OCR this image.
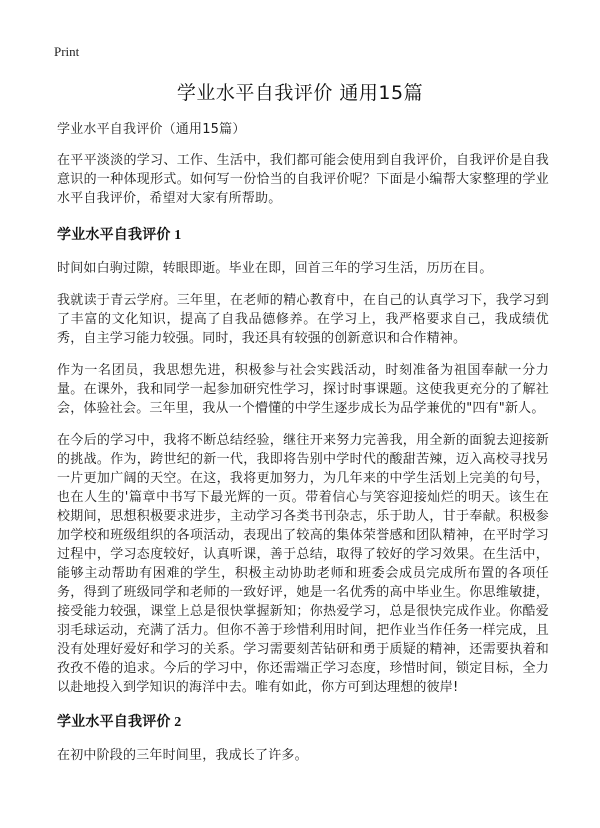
Print
学业水平自我评价 通用15篇
学业水平自我评价（通用15篇）

在平平淡淡的学习、工作、生活中，我们都可能会使用到自我评价，自我评价是自我意识的一种体现形式。如何写一份恰当的自我评价呢？下面是小编帮大家整理的学业水平自我评价，希望对大家有所帮助。

学业水平自我评价 1

时间如白驹过隙，转眼即逝。毕业在即，回首三年的学习生活，历历在目。

我就读于青云学府。三年里，在老师的精心教育中，在自己的认真学习下，我学习到了丰富的文化知识，提高了自我品德修养。在学习上，我严格要求自己，我成绩优秀，自主学习能力较强。同时，我还具有较强的创新意识和合作精神。

作为一名团员，我思想先进，积极参与社会实践活动，时刻准备为祖国奉献一分力量。在课外，我和同学一起参加研究性学习，探讨时事课题。这使我更充分的了解社会，体验社会。三年里，我从一个懵懂的中学生逐步成长为品学兼优的"四有"新人。

在今后的学习中，我将不断总结经验，继往开来努力完善我，用全新的面貌去迎接新的挑战。作为，跨世纪的新一代，我即将告别中学时代的酸甜苦辣，迈入高校寻找另一片更加广阔的天空。在这，我将更加努力，为几年来的中学生活划上完美的句号，也在人生的'篇章中书写下最光辉的一页。带着信心与笑容迎接灿烂的明天。该生在校期间，思想积极要求进步，主动学习各类书刊杂志，乐于助人，甘于奉献。积极参加学校和班级组织的各项活动，表现出了较高的集体荣誉感和团队精神，在平时学习过程中，学习态度较好，认真听课，善于总结，取得了较好的学习效果。在生活中，能够主动帮助有困难的学生，积极主动协助老师和班委会成员完成所布置的各项任务，得到了班级同学和老师的一致好评，她是一名优秀的高中毕业生。你思维敏捷，接受能力较强，课堂上总是很快掌握新知；你热爱学习，总是很快完成作业。你酷爱羽毛球运动，充满了活力。但你不善于珍惜利用时间，把作业当作任务一样完成，且没有处理好爱好和学习的关系。学习需要刻苦钻研和勇于质疑的精神，还需要执着和孜孜不倦的追求。今后的学习中，你还需端正学习态度，珍惜时间，锁定目标，全力以赴地投入到学知识的海洋中去。唯有如此，你方可到达理想的彼岸!

学业水平自我评价 2

在初中阶段的三年时间里，我成长了许多。
